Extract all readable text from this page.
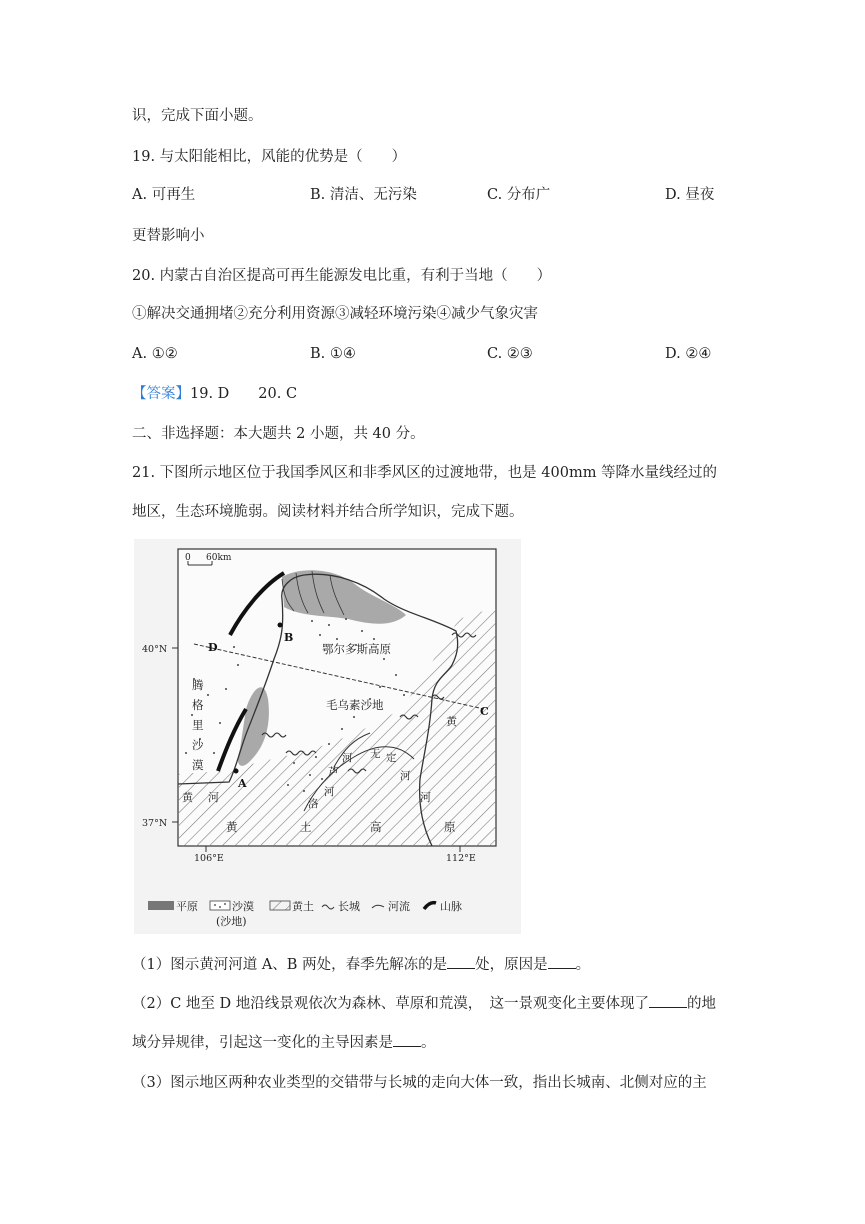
识，完成下面小题。
19. 与太阳能相比，风能的优势是（　　）
A. 可再生	B. 清洁、无污染	C. 分布广	D. 昼夜
更替影响小
20. 内蒙古自治区提高可再生能源发电比重，有利于当地（　　）
①解决交通拥堵②充分利用资源③减轻环境污染④减少气象灾害
A. ①②	B. ①④	C. ②③	D. ②④
【答案】19. D　　20. C
二、非选择题：本大题共 2 小题，共 40 分。
21. 下图所示地区位于我国季风区和非季风区的过渡地带，也是 400mm 等降水量线经过的
地区，生态环境脆弱。阅读材料并结合所学知识，完成下题。
0 60km
40°N
37°N
106°E	112°E
A
B
C
D	鄂尔多斯高原
毛乌素沙地
腾
格
里
沙
漠
黄	土	高	原
黄 河
黄
河
无 定
河
芦
河
洛
河
平原	沙漠
(沙地)
黄土 长城	河流	山脉
（1）图示黄河河道 A、B 两处，春季先解冻的是 处，原因是 。
（2）C 地至 D 地沿线景观依次为森林、草原和荒漠，　这一景观变化主要体现了	的地
域分异规律，引起这一变化的主导因素是 。
（3）图示地区两种农业类型的交错带与长城的走向大体一致，指出长城南、北侧对应的主
